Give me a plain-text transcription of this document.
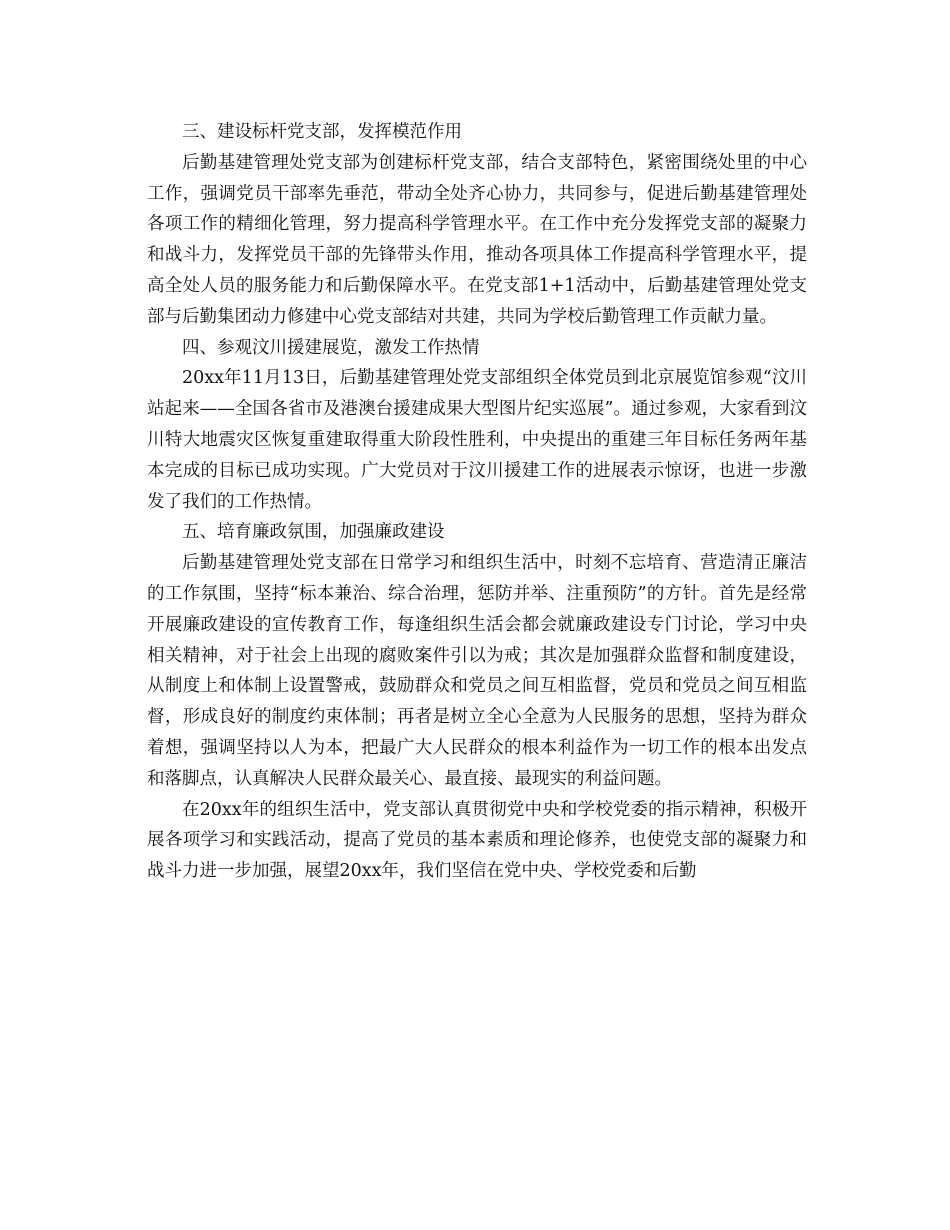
三、建设标杆党支部，发挥模范作用

后勤基建管理处党支部为创建标杆党支部，结合支部特色，紧密围绕处里的中心工作，强调党员干部率先垂范，带动全处齐心协力，共同参与，促进后勤基建管理处各项工作的精细化管理，努力提高科学管理水平。在工作中充分发挥党支部的凝聚力和战斗力，发挥党员干部的先锋带头作用，推动各项具体工作提高科学管理水平，提高全处人员的服务能力和后勤保障水平。在党支部1+1活动中，后勤基建管理处党支部与后勤集团动力修建中心党支部结对共建，共同为学校后勤管理工作贡献力量。

四、参观汶川援建展览，激发工作热情

20xx年11月13日，后勤基建管理处党支部组织全体党员到北京展览馆参观“汶川站起来——全国各省市及港澳台援建成果大型图片纪实巡展”。通过参观，大家看到汶川特大地震灾区恢复重建取得重大阶段性胜利，中央提出的重建三年目标任务两年基本完成的目标已成功实现。广大党员对于汶川援建工作的进展表示惊讶，也进一步激发了我们的工作热情。

五、培育廉政氛围，加强廉政建设

后勤基建管理处党支部在日常学习和组织生活中，时刻不忘培育、营造清正廉洁的工作氛围，坚持“标本兼治、综合治理，惩防并举、注重预防”的方针。首先是经常开展廉政建设的宣传教育工作，每逢组织生活会都会就廉政建设专门讨论，学习中央相关精神，对于社会上出现的腐败案件引以为戒；其次是加强群众监督和制度建设，从制度上和体制上设置警戒，鼓励群众和党员之间互相监督，党员和党员之间互相监督，形成良好的制度约束体制；再者是树立全心全意为人民服务的思想，坚持为群众着想，强调坚持以人为本，把最广大人民群众的根本利益作为一切工作的根本出发点和落脚点，认真解决人民群众最关心、最直接、最现实的利益问题。

在20xx年的组织生活中，党支部认真贯彻党中央和学校党委的指示精神，积极开展各项学习和实践活动，提高了党员的基本素质和理论修养，也使党支部的凝聚力和战斗力进一步加强，展望20xx年，我们坚信在党中央、学校党委和后勤
